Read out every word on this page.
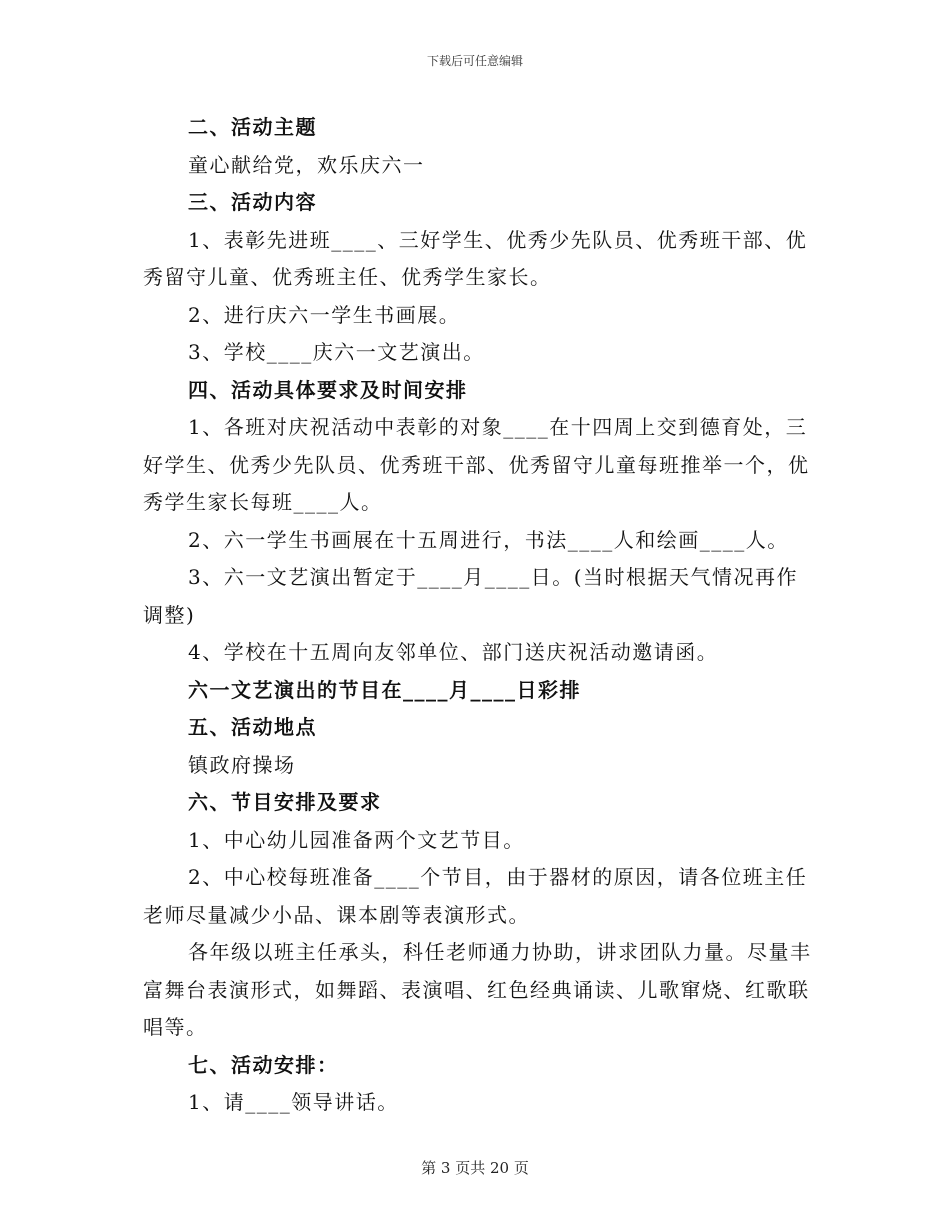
下载后可任意编辑

二、活动主题

童心献给党，欢乐庆六一

三、活动内容

1、表彰先进班____、三好学生、优秀少先队员、优秀班干部、优秀留守儿童、优秀班主任、优秀学生家长。

2、进行庆六一学生书画展。

3、学校____庆六一文艺演出。

四、活动具体要求及时间安排

1、各班对庆祝活动中表彰的对象____在十四周上交到德育处，三好学生、优秀少先队员、优秀班干部、优秀留守儿童每班推举一个，优秀学生家长每班____人。

2、六一学生书画展在十五周进行，书法____人和绘画____人。

3、六一文艺演出暂定于____月____日。(当时根据天气情况再作调整)

4、学校在十五周向友邻单位、部门送庆祝活动邀请函。

六一文艺演出的节目在____月____日彩排

五、活动地点

镇政府操场

六、节目安排及要求

1、中心幼儿园准备两个文艺节目。

2、中心校每班准备____个节目，由于器材的原因，请各位班主任老师尽量减少小品、课本剧等表演形式。

各年级以班主任承头，科任老师通力协助，讲求团队力量。尽量丰富舞台表演形式，如舞蹈、表演唱、红色经典诵读、儿歌窜烧、红歌联唱等。

七、活动安排：

1、请____领导讲话。

第 3 页共 20 页
